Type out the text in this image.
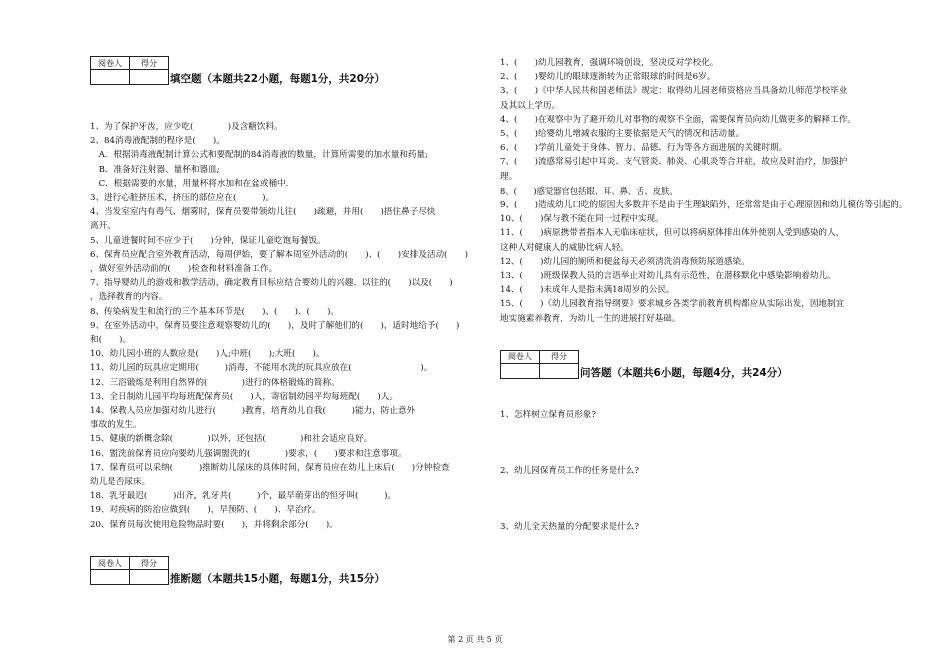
阅卷人	得分

填空题（本题共22小题，每题1分，共20分）
1、为了保护牙齿，应少吃(　　　　)及含糖饮料。
2、84消毒液配制的程序是(　　)。
　A．根据消毒液配制计算公式和要配制的84消毒液的数量，计算所需要的加水量和药量;
　B．准备好注射器、量杯和器皿;
　C．根据需要的水量，用量杯将水加和在盆或桶中.
3、进行心脏挤压术，挤压的部位应在(　　　)。
4、当发室室内有毒气、烟雾时，保育员要带领幼儿往(　　)疏避，并用(　　)捂住鼻子尽快
离开。
5、儿童进餐时间不应少于(　　)分钟，保证儿童吃饱每餐饭。
6、保育员应配合室外教育活动，每周伊始，要了解本周室外活动的(　　)、(　　)安排及活动(　　)
，做好室外活动前的(　　)检查和材料准备工作。
7、指导婴幼儿的游戏和教学活动，确定教育目标应结合婴幼儿的兴趣、以往的(　　)以及(　　)
，选择教育的内容。
8、传染病发生和流行的三个基本环节是(　　)、(　　)、(　　)。
9、在室外活动中，保育员要注意观察婴幼儿的(　　)，及时了解他们的(　　)，适时地给予(　　)
和(　　)。
10、幼儿园小班的人数应是(　　)人;中班(　　);大班(　　)。
11、幼儿园的玩具应定期用(　　　)消毒，不能用水洗的玩具应放在(　　　　　　　　)。
12、三浴锻炼是利用自然界的(　　　　)进行的体格锻炼的简称。
13、全日制幼儿园平均每班配保育员(　　)人，寄宿制幼园平均每班配(　　)人。
14、保教人员应加强对幼儿进行(　　　)教育，培育幼儿自我(　　　)能力，防止意外
事故的发生。
15、健康的新概念除(　　　　)以外，还包括(　　　　)和社会适应良好。
16、盥洗前保育员应向要幼儿强调盥洗的(　　　　)要求，(　　)要求和注意事项。
17、保育员可以采纳(　　　)推断幼儿尿床的具体时间，保育员应在幼儿上床后(　　)分钟检查
幼儿是否尿床。
18、乳牙最迟(　　　)出齐，乳牙共(　　　)个，最早萌芽出的恒牙叫(　　　)。
19、对疾病的防治应做到(　　)，早预防、(　　)、早治疗。
20、保育员每次使用危险物品时要(　　)，并将剩余部分(　　)。
阅卷人	得分

推断题（本题共15小题，每题1分，共15分）
1、(　　)幼儿园教育，强调环境创设，坚决反对学校化。
2、(　　)婴幼儿的眼球逐渐转为正常眼球的时间是6岁。
3、(　　)《中华人民共和国老师法》规定：取得幼儿园老师资格应当具备幼儿师范学校毕业
及其以上学历。
4、(　　)在观察中为了避开幼儿对事物的观察不全面，需要保育员向幼儿做更多的解释工作。
5、(　　)给婴幼儿增减衣服的主要依据是天气的情况和活动量。
6、(　　)学前儿童处于身体、智力、品德、行为等各方面进展的关键时期。
7、(　　)流感常易引起中耳炎、支气管炎、肺炎、心肌炎等合并症，故应及时治疗，加强护
理。
8、(　　)感觉器官包括眼、耳、鼻、舌、皮肤。
9、(　　)造成幼儿口吃的原因大多数并不是由于生理缺陷外，还常常是由于心理原因和幼儿模仿等引起的。
10、(　　)保与教不能在同一过程中实现。
11、(　　)病原携带者指本人无临床症状，但可以将病原体排出体外使别人受到感染的人，
这种人对健康人的威胁比病人轻。
12、(　　)幼儿园的厕所和便盆每天必须清洗消毒预防尿道感染。
13、(　　)班级保教人员的言语举止对幼儿具有示范性，在潜移默化中感染影响着幼儿。
14、(　　)未成年人是指未满18周岁的公民。
15、(　　)《幼儿园教育指导纲要》要求城乡各类学前教育机构都应从实际出发，因地制宜
地实施素养教育，为幼儿一生的进展打好基础。
阅卷人	得分

问答题（本题共6小题，每题4分，共24分）
1、怎样树立保育员形象?
2、幼儿园保育员工作的任务是什么?
3、幼儿全天热量的分配要求是什么?
第 2 页 共 5 页
